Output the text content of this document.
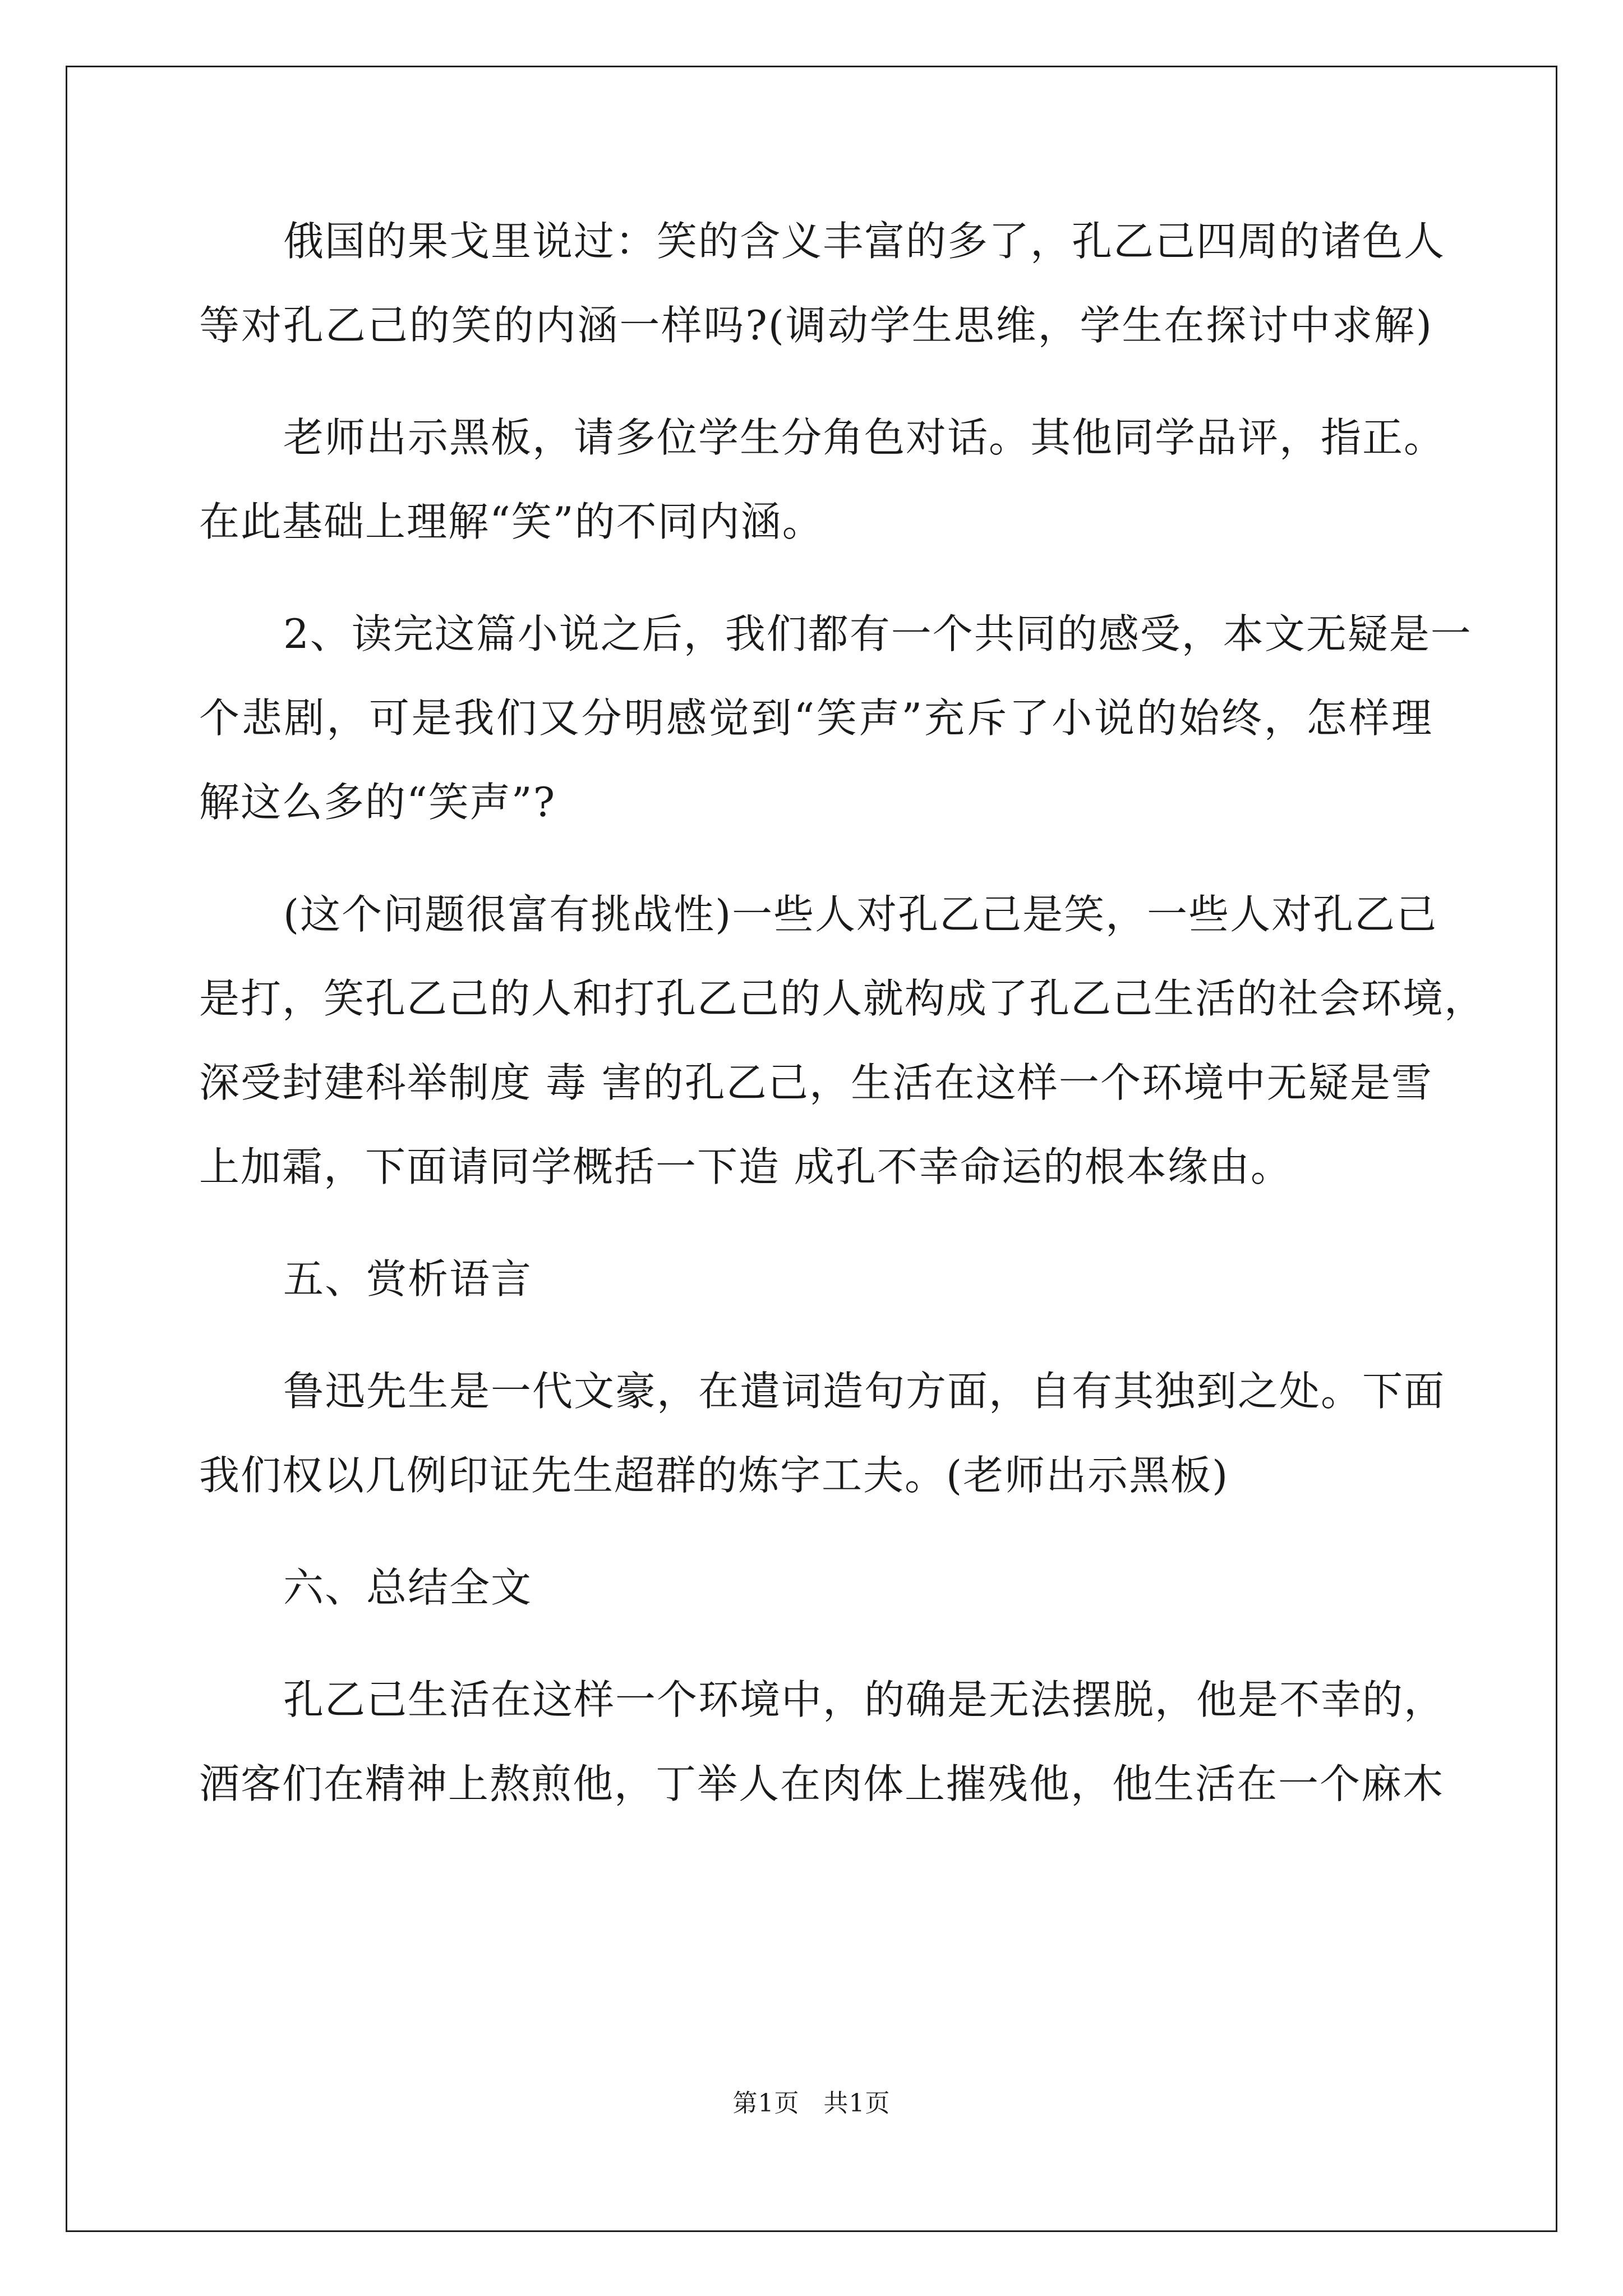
俄国的果戈里说过：笑的含义丰富的多了，孔乙己四周的诸色人
等对孔乙己的笑的内涵一样吗?(调动学生思维，学生在探讨中求解)
老师出示黑板，请多位学生分角色对话。其他同学品评，指正。
在此基础上理解“笑”的不同内涵。
2、读完这篇小说之后，我们都有一个共同的感受，本文无疑是一
个悲剧，可是我们又分明感觉到“笑声”充斥了小说的始终，怎样理
解这么多的“笑声”?
(这个问题很富有挑战性)一些人对孔乙己是笑，一些人对孔乙己
是打，笑孔乙己的人和打孔乙己的人就构成了孔乙己生活的社会环境，
深受封建科举制度 毒 害的孔乙己，生活在这样一个环境中无疑是雪
上加霜，下面请同学概括一下造 成孔不幸命运的根本缘由。
五、赏析语言
鲁迅先生是一代文豪，在遣词造句方面，自有其独到之处。下面
我们权以几例印证先生超群的炼字工夫。(老师出示黑板)
六、总结全文
孔乙己生活在这样一个环境中，的确是无法摆脱，他是不幸的，
酒客们在精神上熬煎他，丁举人在肉体上摧残他，他生活在一个麻木
第1页 共1页
